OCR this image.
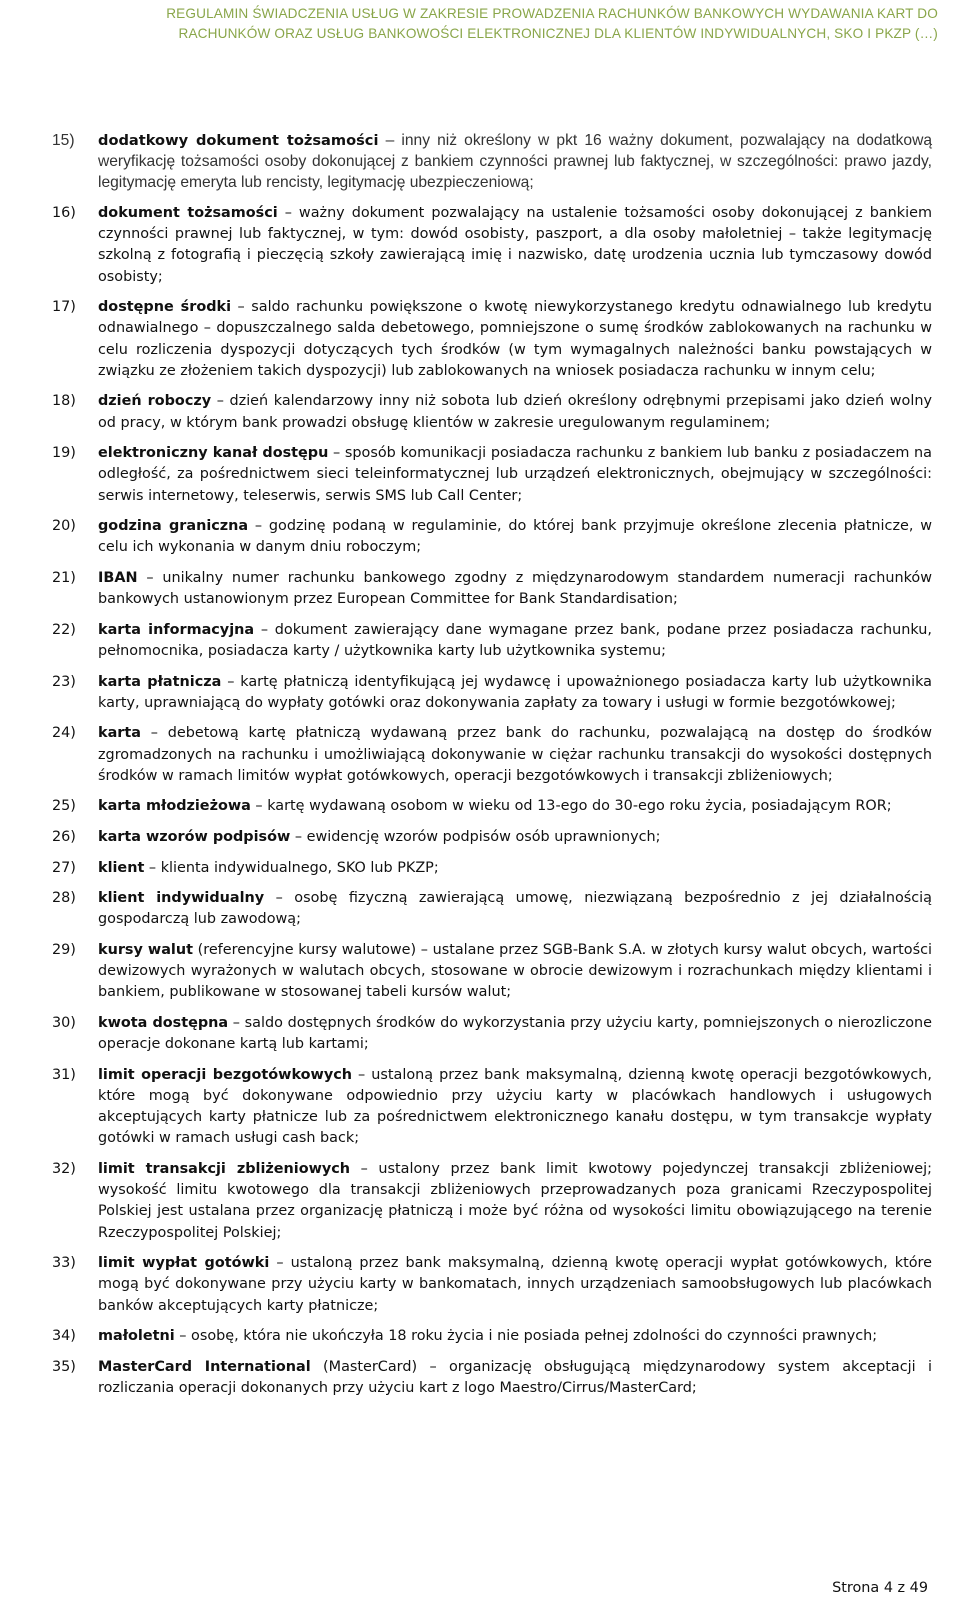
REGULAMIN ŚWIADCZENIA USŁUG W ZAKRESIE PROWADZENIA RACHUNKÓW BANKOWYCH WYDAWANIA KART DO
RACHUNKÓW ORAZ USŁUG BANKOWOŚCI ELEKTRONICZNEJ DLA KLIENTÓW INDYWIDUALNYCH, SKO I PKZP (…)
15) dodatkowy dokument tożsamości – inny niż określony w pkt 16 ważny dokument, pozwalający na dodatkową weryfikację tożsamości osoby dokonującej z bankiem czynności prawnej lub faktycznej, w szczególności: prawo jazdy, legitymację emeryta lub rencisty, legitymację ubezpieczeniową;
16) dokument tożsamości – ważny dokument pozwalający na ustalenie tożsamości osoby dokonującej z bankiem czynności prawnej lub faktycznej, w tym: dowód osobisty, paszport, a dla osoby małoletniej – także legitymację szkolną z fotografią i pieczęcią szkoły zawierającą imię i nazwisko, datę urodzenia ucznia lub tymczasowy dowód osobisty;
17) dostępne środki – saldo rachunku powiększone o kwotę niewykorzystanego kredytu odnawialnego lub kredytu odnawialnego – dopuszczalnego salda debetowego, pomniejszone o sumę środków zablokowanych na rachunku w celu rozliczenia dyspozycji dotyczących tych środków (w tym wymagalnych należności banku powstających w związku ze złożeniem takich dyspozycji) lub zablokowanych na wniosek posiadacza rachunku w innym celu;
18) dzień roboczy – dzień kalendarzowy inny niż sobota lub dzień określony odrębnymi przepisami jako dzień wolny od pracy, w którym bank prowadzi obsługę klientów w zakresie uregulowanym regulaminem;
19) elektroniczny kanał dostępu – sposób komunikacji posiadacza rachunku z bankiem lub banku z posiadaczem na odległość, za pośrednictwem sieci teleinformatycznej lub urządzeń elektronicznych, obejmujący w szczególności: serwis internetowy, teleserwis, serwis SMS lub Call Center;
20) godzina graniczna – godzinę podaną w regulaminie, do której bank przyjmuje określone zlecenia płatnicze, w celu ich wykonania w danym dniu roboczym;
21) IBAN – unikalny numer rachunku bankowego zgodny z międzynarodowym standardem numeracji rachunków bankowych ustanowionym przez European Committee for Bank Standardisation;
22) karta informacyjna – dokument zawierający dane wymagane przez bank, podane przez posiadacza rachunku, pełnomocnika, posiadacza karty / użytkownika karty lub użytkownika systemu;
23) karta płatnicza – kartę płatniczą identyfikującą jej wydawcę i upoważnionego posiadacza karty lub użytkownika karty, uprawniającą do wypłaty gotówki oraz dokonywania zapłaty za towary i usługi w formie bezgotówkowej;
24) karta – debetową kartę płatniczą wydawaną przez bank do rachunku, pozwalającą na dostęp do środków zgromadzonych na rachunku i umożliwiającą dokonywanie w ciężar rachunku transakcji do wysokości dostępnych środków w ramach limitów wypłat gotówkowych, operacji bezgotówkowych i transakcji zbliżeniowych;
25) karta młodzieżowa – kartę wydawaną osobom w wieku od 13-ego do 30-ego roku życia, posiadającym ROR;
26) karta wzorów podpisów – ewidencję wzorów podpisów osób uprawnionych;
27) klient – klienta indywidualnego, SKO lub PKZP;
28) klient indywidualny – osobę fizyczną zawierającą umowę, niezwiązaną bezpośrednio z jej działalnością gospodarczą lub zawodową;
29) kursy walut (referencyjne kursy walutowe) – ustalane przez SGB-Bank S.A. w złotych kursy walut obcych, wartości dewizowych wyrażonych w walutach obcych, stosowane w obrocie dewizowym i rozrachunkach między klientami i bankiem, publikowane w stosowanej tabeli kursów walut;
30) kwota dostępna – saldo dostępnych środków do wykorzystania przy użyciu karty, pomniejszonych o nierozliczone operacje dokonane kartą lub kartami;
31) limit operacji bezgotówkowych – ustaloną przez bank maksymalną, dzienną kwotę operacji bezgotówkowych, które mogą być dokonywane odpowiednio przy użyciu karty w placówkach handlowych i usługowych akceptujących karty płatnicze lub za pośrednictwem elektronicznego kanału dostępu, w tym transakcje wypłaty gotówki w ramach usługi cash back;
32) limit transakcji zbliżeniowych – ustalony przez bank limit kwotowy pojedynczej transakcji zbliżeniowej; wysokość limitu kwotowego dla transakcji zbliżeniowych przeprowadzanych poza granicami Rzeczypospolitej Polskiej jest ustalana przez organizację płatniczą i może być różna od wysokości limitu obowiązującego na terenie Rzeczypospolitej Polskiej;
33) limit wypłat gotówki – ustaloną przez bank maksymalną, dzienną kwotę operacji wypłat gotówkowych, które mogą być dokonywane przy użyciu karty w bankomatach, innych urządzeniach samoobsługowych lub placówkach banków akceptujących karty płatnicze;
34) małoletni – osobę, która nie ukończyła 18 roku życia i nie posiada pełnej zdolności do czynności prawnych;
35) MasterCard International (MasterCard) – organizację obsługującą międzynarodowy system akceptacji i rozliczania operacji dokonanych przy użyciu kart z logo Maestro/Cirrus/MasterCard;
Strona 4 z 49
